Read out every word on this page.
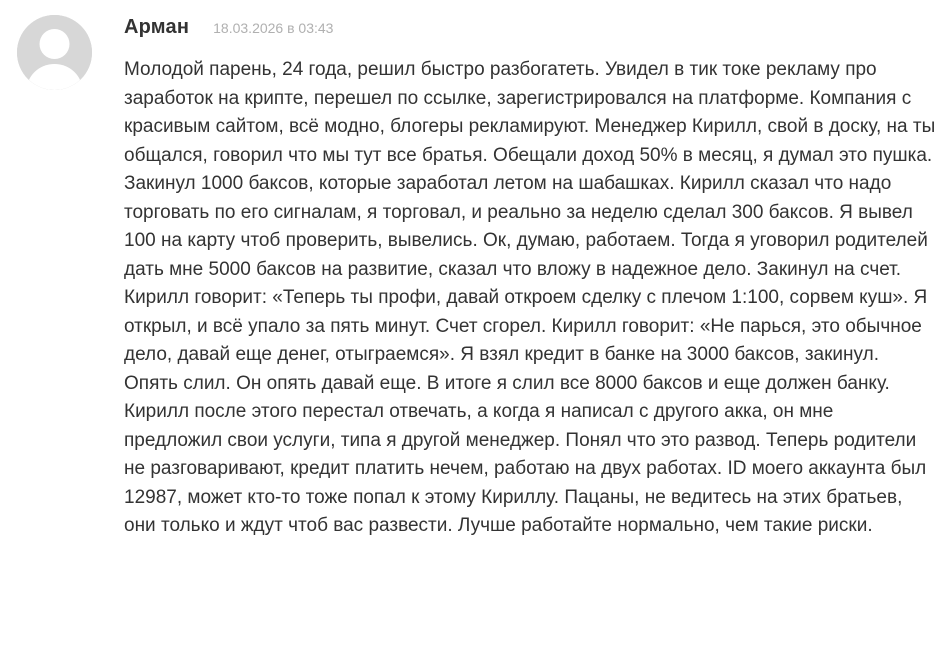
Арман 18.03.2026 в 03:43

Молодой парень, 24 года, решил быстро разбогатеть. Увидел в тик токе рекламу про заработок на крипте, перешел по ссылке, зарегистрировался на платформе. Компания с красивым сайтом, всё модно, блогеры рекламируют. Менеджер Кирилл, свой в доску, на ты общался, говорил что мы тут все братья. Обещали доход 50% в месяц, я думал это пушка. Закинул 1000 баксов, которые заработал летом на шабашках. Кирилл сказал что надо торговать по его сигналам, я торговал, и реально за неделю сделал 300 баксов. Я вывел 100 на карту чтоб проверить, вывелись. Ок, думаю, работаем. Тогда я уговорил родителей дать мне 5000 баксов на развитие, сказал что вложу в надежное дело. Закинул на счет. Кирилл говорит: «Теперь ты профи, давай откроем сделку с плечом 1:100, сорвем куш». Я открыл, и всё упало за пять минут. Счет сгорел. Кирилл говорит: «Не парься, это обычное дело, давай еще денег, отыграемся». Я взял кредит в банке на 3000 баксов, закинул. Опять слил. Он опять давай еще. В итоге я слил все 8000 баксов и еще должен банку. Кирилл после этого перестал отвечать, а когда я написал с другого акка, он мне предложил свои услуги, типа я другой менеджер. Понял что это развод. Теперь родители не разговаривают, кредит платить нечем, работаю на двух работах. ID моего аккаунта был 12987, может кто-то тоже попал к этому Кириллу. Пацаны, не ведитесь на этих братьев, они только и ждут чтоб вас развести. Лучше работайте нормально, чем такие риски.
